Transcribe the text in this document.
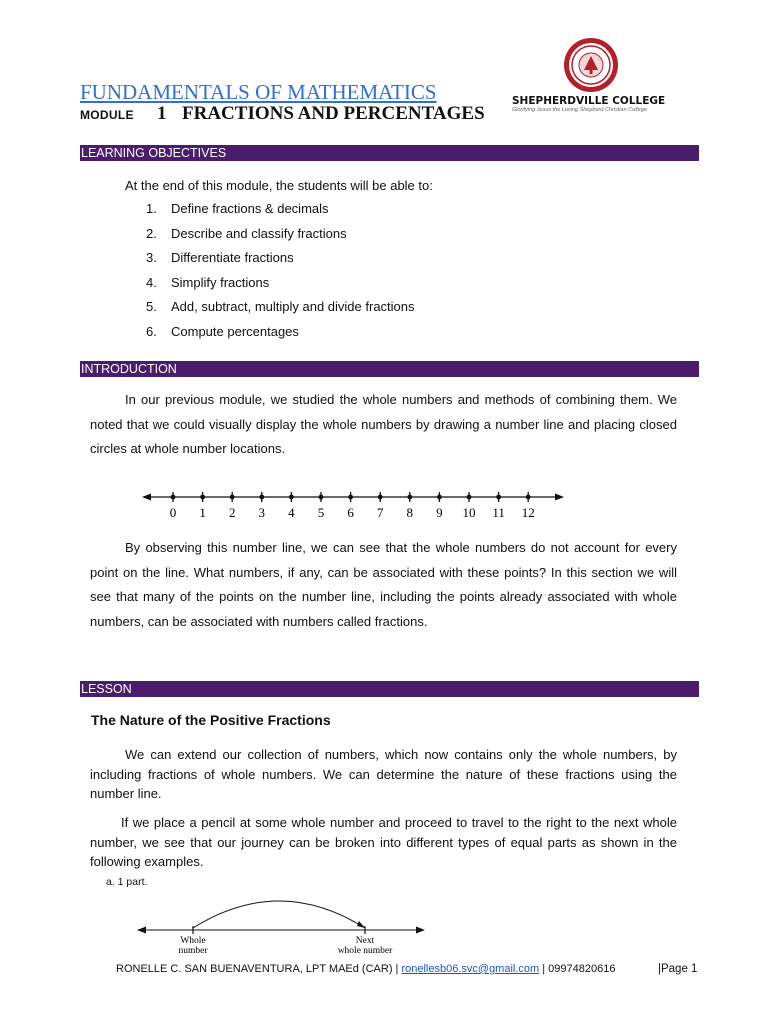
FUNDAMENTALS OF MATHEMATICS
MODULE 1 FRACTIONS AND PERCENTAGES
SHEPHERDVILLE COLLEGE
Glorifying Jesus the Loving Shepherd Christian College
LEARNING OBJECTIVES
At the end of this module, the students will be able to:
1. Define fractions & decimals
2. Describe and classify fractions
3. Differentiate fractions
4. Simplify fractions
5. Add, subtract, multiply and divide fractions
6. Compute percentages
INTRODUCTION
In our previous module, we studied the whole numbers and methods of combining them. We noted that we could visually display the whole numbers by drawing a number line and placing closed circles at whole number locations.
0 1 2 3 4 5 6 7 8 9 10 11 12
By observing this number line, we can see that the whole numbers do not account for every point on the line. What numbers, if any, can be associated with these points? In this section we will see that many of the points on the number line, including the points already associated with whole numbers, can be associated with numbers called fractions.
LESSON
The Nature of the Positive Fractions
We can extend our collection of numbers, which now contains only the whole numbers, by including fractions of whole numbers. We can determine the nature of these fractions using the number line.
If we place a pencil at some whole number and proceed to travel to the right to the next whole number, we see that our journey can be broken into different types of equal parts as shown in the following examples.
a. 1 part.
Whole
number
Next
whole number
RONELLE C. SAN BUENAVENTURA, LPT MAEd (CAR) | ronellesb06.svc@gmail.com | 09974820616	|Page 1
